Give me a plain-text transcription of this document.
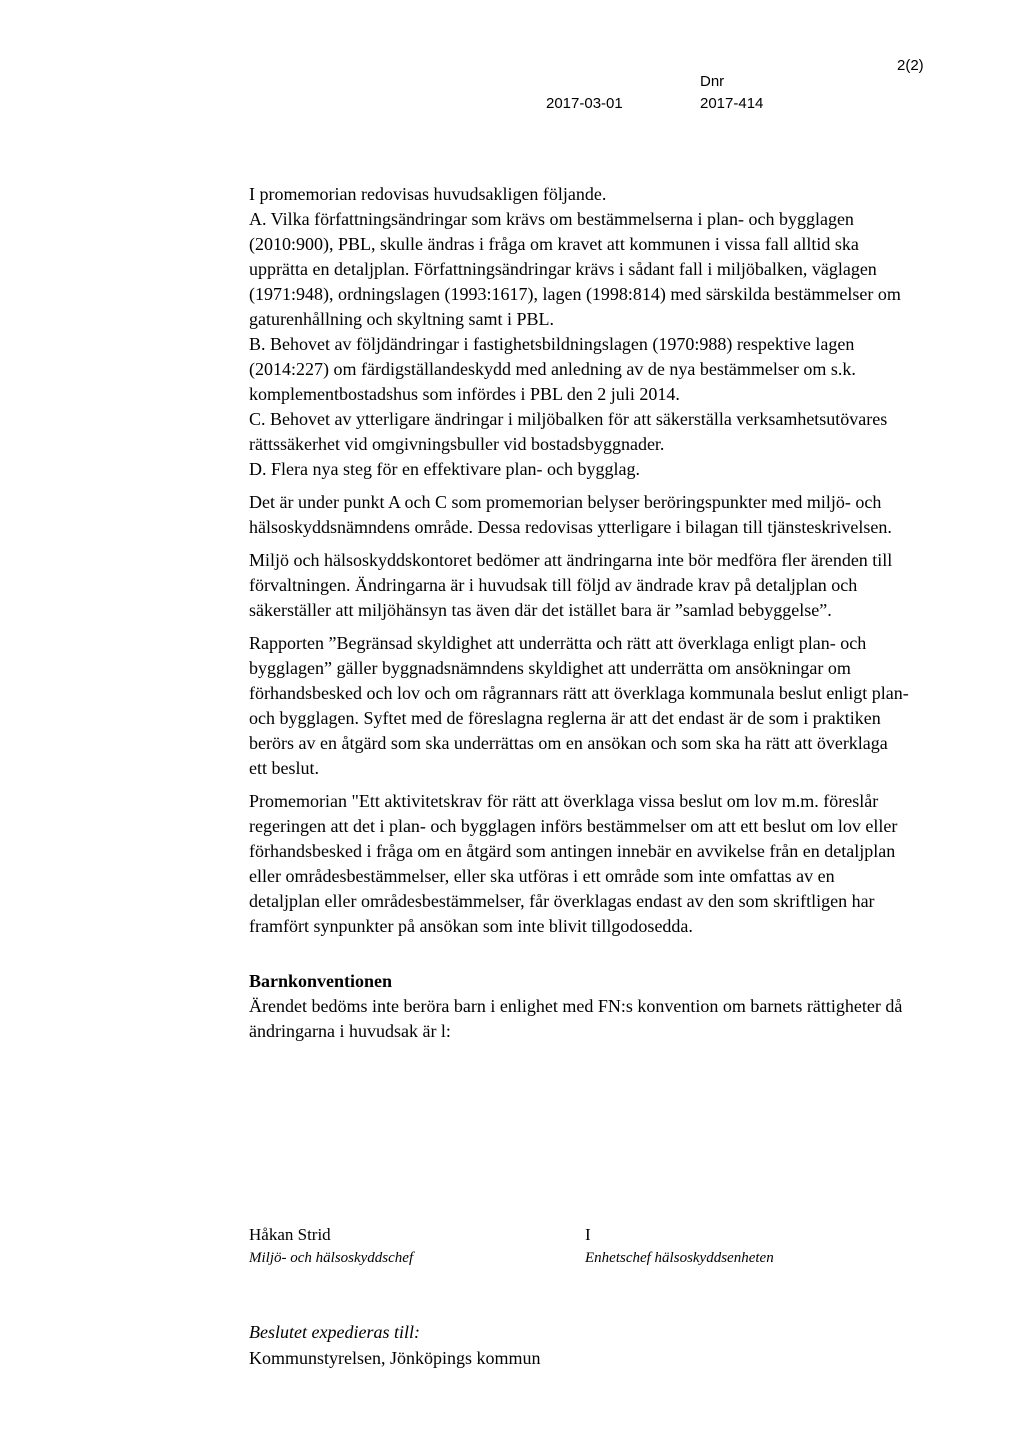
2(2)
Dnr
2017-03-01	2017-414

I promemorian redovisas huvudsakligen följande.

A. Vilka författningsändringar som krävs om bestämmelserna i plan- och bygglagen (2010:900), PBL, skulle ändras i fråga om kravet att kommunen i vissa fall alltid ska upprätta en detaljplan. Författningsändringar krävs i sådant fall i miljöbalken, väglagen (1971:948), ordningslagen (1993:1617), lagen (1998:814) med särskilda bestämmelser om gaturenhållning och skyltning samt i PBL.

B. Behovet av följdändringar i fastighetsbildningslagen (1970:988) respektive lagen (2014:227) om färdigställandeskydd med anledning av de nya bestämmelser om s.k. komplementbostadshus som infördes i PBL den 2 juli 2014.

C. Behovet av ytterligare ändringar i miljöbalken för att säkerställa verksamhetsutövares rättssäkerhet vid omgivningsbuller vid bostadsbyggnader.

D. Flera nya steg för en effektivare plan- och bygglag.

Det är under punkt A och C som promemorian belyser beröringspunkter med miljö- och hälsoskyddsnämndens område. Dessa redovisas ytterligare i bilagan till tjänsteskrivelsen.

Miljö och hälsoskyddskontoret bedömer att ändringarna inte bör medföra fler ärenden till förvaltningen. Ändringarna är i huvudsak till följd av ändrade krav på detaljplan och säkerställer att miljöhänsyn tas även där det istället bara är ”samlad bebyggelse”.

Rapporten ”Begränsad skyldighet att underrätta och rätt att överklaga enligt plan- och bygglagen” gäller byggnadsnämndens skyldighet att underrätta om ansökningar om förhandsbesked och lov och om rågrannars rätt att överklaga kommunala beslut enligt plan- och bygglagen. Syftet med de föreslagna reglerna är att det endast är de som i praktiken berörs av en åtgärd som ska underrättas om en ansökan och som ska ha rätt att överklaga ett beslut.

Promemorian "Ett aktivitetskrav för rätt att överklaga vissa beslut om lov m.m. föreslår regeringen att det i plan- och bygglagen införs bestämmelser om att ett beslut om lov eller förhandsbesked i fråga om en åtgärd som antingen innebär en avvikelse från en detaljplan eller områdesbestämmelser, eller ska utföras i ett område som inte omfattas av en detaljplan eller områdesbestämmelser, får överklagas endast av den som skriftligen har framfört synpunkter på ansökan som inte blivit tillgodosedda.

Barnkonventionen

Ärendet bedöms inte beröra barn i enlighet med FN:s konvention om barnets rättigheter då ändringarna i huvudsak är l:

Håkan Strid	I
Miljö- och hälsoskyddschef	Enhetschef hälsoskyddsenheten
Beslutet expedieras till:
Kommunstyrelsen, Jönköpings kommun
